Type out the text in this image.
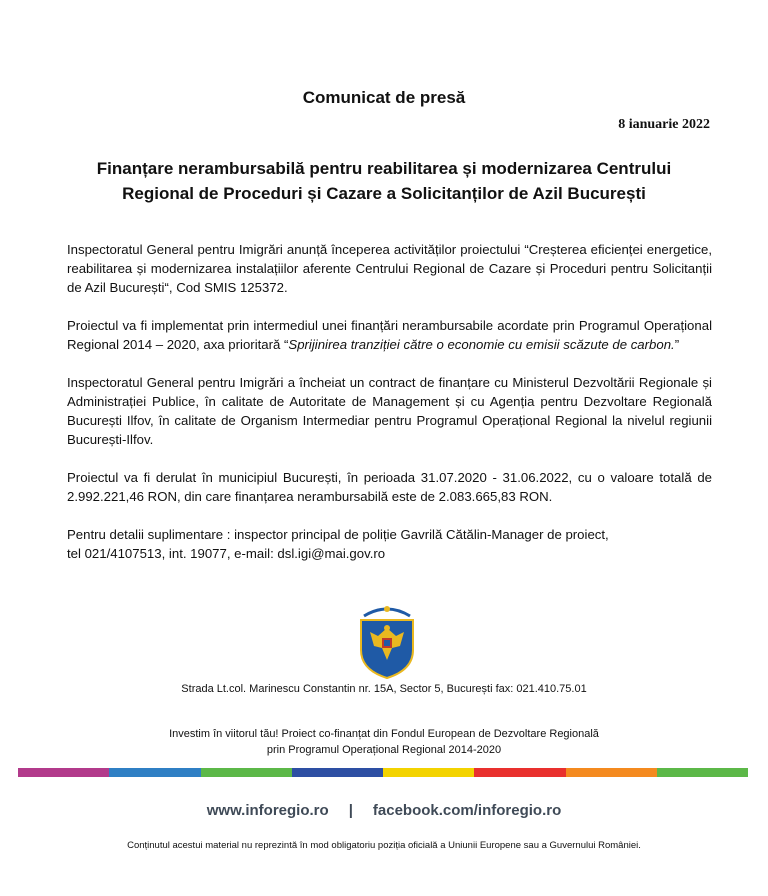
Comunicat de presă
8 ianuarie 2022
Finanțare nerambursabilă pentru reabilitarea și modernizarea Centrului
Regional de Proceduri și Cazare a Solicitanților de Azil București

Inspectoratul General pentru Imigrări anunță începerea activităților proiectului “Creșterea eficienței energetice, reabilitarea și modernizarea instalațiilor aferente Centrului Regional de Cazare și Proceduri pentru Solicitanții de Azil București“, Cod SMIS 125372.

Proiectul va fi implementat prin intermediul unei finanțări nerambursabile acordate prin Programul Operațional Regional 2014 – 2020, axa prioritară “Sprijinirea tranziției către o economie cu emisii scăzute de carbon.”

Inspectoratul General pentru Imigrări a încheiat un contract de finanțare cu Ministerul Dezvoltării Regionale și Administrației Publice, în calitate de Autoritate de Management și cu Agenția pentru Dezvoltare Regională București Ilfov, în calitate de Organism Intermediar pentru Programul Operațional Regional la nivelul regiunii București-Ilfov.

Proiectul va fi derulat în municipiul București, în perioada 31.07.2020 - 31.06.2022, cu o valoare totală de 2.992.221,46 RON, din care finanțarea nerambursabilă este de 2.083.665,83 RON.

Pentru detalii suplimentare : inspector principal de poliție Gavrilă Cătălin-Manager de proiect,
tel 021/4107513, int. 19077, e-mail: dsl.igi@mai.gov.ro

Strada Lt.col. Marinescu Constantin nr. 15A, Sector 5, București fax: 021.410.75.01
Investim în viitorul tău! Proiect co-finanțat din Fondul European de Dezvoltare Regională
prin Programul Operațional Regional 2014-2020
www.inforegio.ro | facebook.com/inforegio.ro
Conținutul acestui material nu reprezintă în mod obligatoriu poziția oficială a Uniunii Europene sau a Guvernului României.
